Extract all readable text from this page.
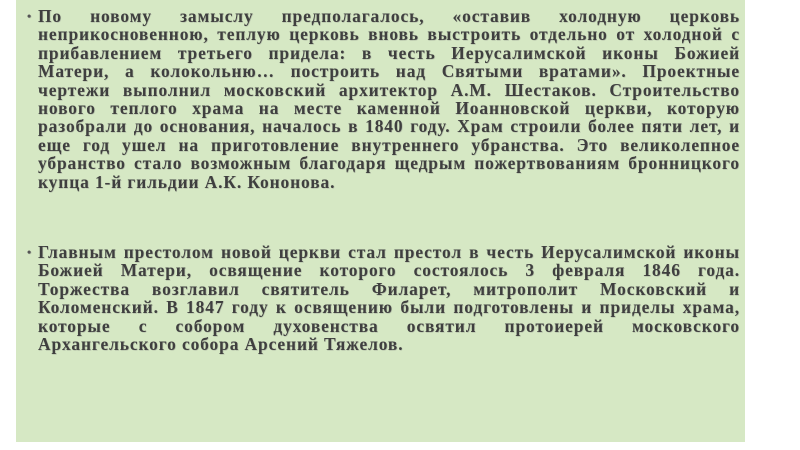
• По новому замыслу предполагалось, «оставив холодную церковь неприкосновенною, теплую церковь вновь выстроить отдельно от холодной с прибавлением третьего придела: в честь Иерусалимской иконы Божией Матери, а колокольню… построить над Святыми вратами». Проектные чертежи выполнил московский архитектор А.М. Шестаков. Строительство нового теплого храма на месте каменной Иоанновской церкви, которую разобрали до основания, началось в 1840 году. Храм строили более пяти лет, и еще год ушел на приготовление внутреннего убранства. Это великолепное убранство стало возможным благодаря щедрым пожертвованиям бронницкого купца 1-й гильдии А.К. Кононова.

• Главным престолом новой церкви стал престол в честь Иерусалимской иконы Божией Матери, освящение которого состоялось 3 февраля 1846 года. Торжества возглавил святитель Филарет, митрополит Московский и Коломенский. В 1847 году к освящению были подготовлены и приделы храма, которые с собором духовенства освятил протоиерей московского Архангельского собора Арсений Тяжелов.
